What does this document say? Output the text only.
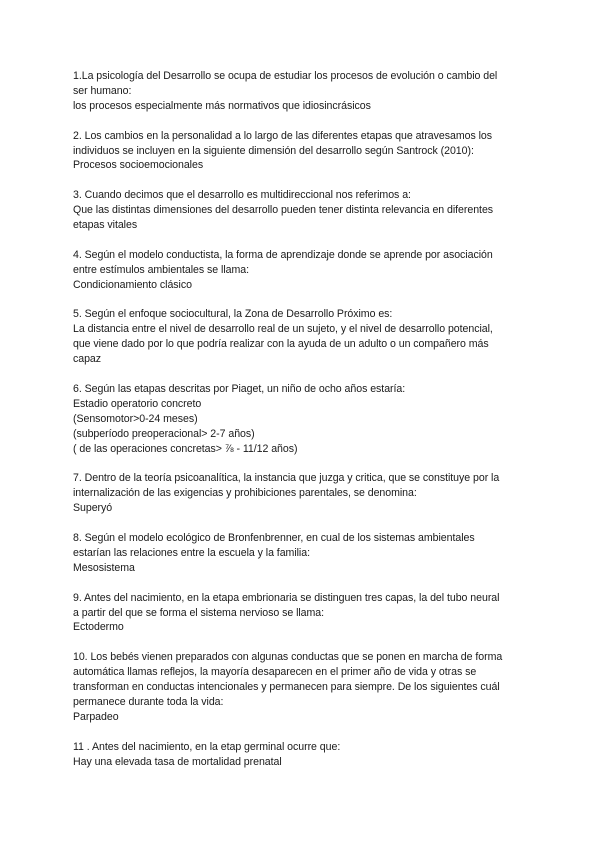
1.La psicología del Desarrollo se ocupa de estudiar los procesos de evolución o cambio del
ser humano:
los procesos especialmente más normativos que idiosincrásicos
2. Los cambios en la personalidad a lo largo de las diferentes etapas que atravesamos los
individuos se incluyen en la siguiente dimensión del desarrollo según Santrock (2010):
Procesos socioemocionales
3. Cuando decimos que el desarrollo es multidireccional nos referimos a:
Que las distintas dimensiones del desarrollo pueden tener distinta relevancia en diferentes
etapas vitales
4. Según el modelo conductista, la forma de aprendizaje donde se aprende por asociación
entre estímulos ambientales se llama:
Condicionamiento clásico
5. Según el enfoque sociocultural, la Zona de Desarrollo Próximo es:
La distancia entre el nivel de desarrollo real de un sujeto, y el nivel de desarrollo potencial,
que viene dado por lo que podría realizar con la ayuda de un adulto o un compañero más
capaz
6. Según las etapas descritas por Piaget, un niño de ocho años estaría:
Estadio operatorio concreto
(Sensomotor>0-24 meses)
(subperíodo preoperacional> 2-7 años)
( de las operaciones concretas> ⅞ - 11/12 años)
7. Dentro de la teoría psicoanalítica, la instancia que juzga y critica, que se constituye por la
internalización de las exigencias y prohibiciones parentales, se denomina:
Superyó
8. Según el modelo ecológico de Bronfenbrenner, en cual de los sistemas ambientales
estarían las relaciones entre la escuela y la familia:
Mesosistema
9. Antes del nacimiento, en la etapa embrionaria se distinguen tres capas, la del tubo neural
a partir del que se forma el sistema nervioso se llama:
Ectodermo
10. Los bebés vienen preparados con algunas conductas que se ponen en marcha de forma
automática llamas reflejos, la mayoría desaparecen en el primer año de vida y otras se
transforman en conductas intencionales y permanecen para siempre. De los siguientes cuál
permanece durante toda la vida:
Parpadeo
11 . Antes del nacimiento, en la etap germinal ocurre que:
Hay una elevada tasa de mortalidad prenatal
